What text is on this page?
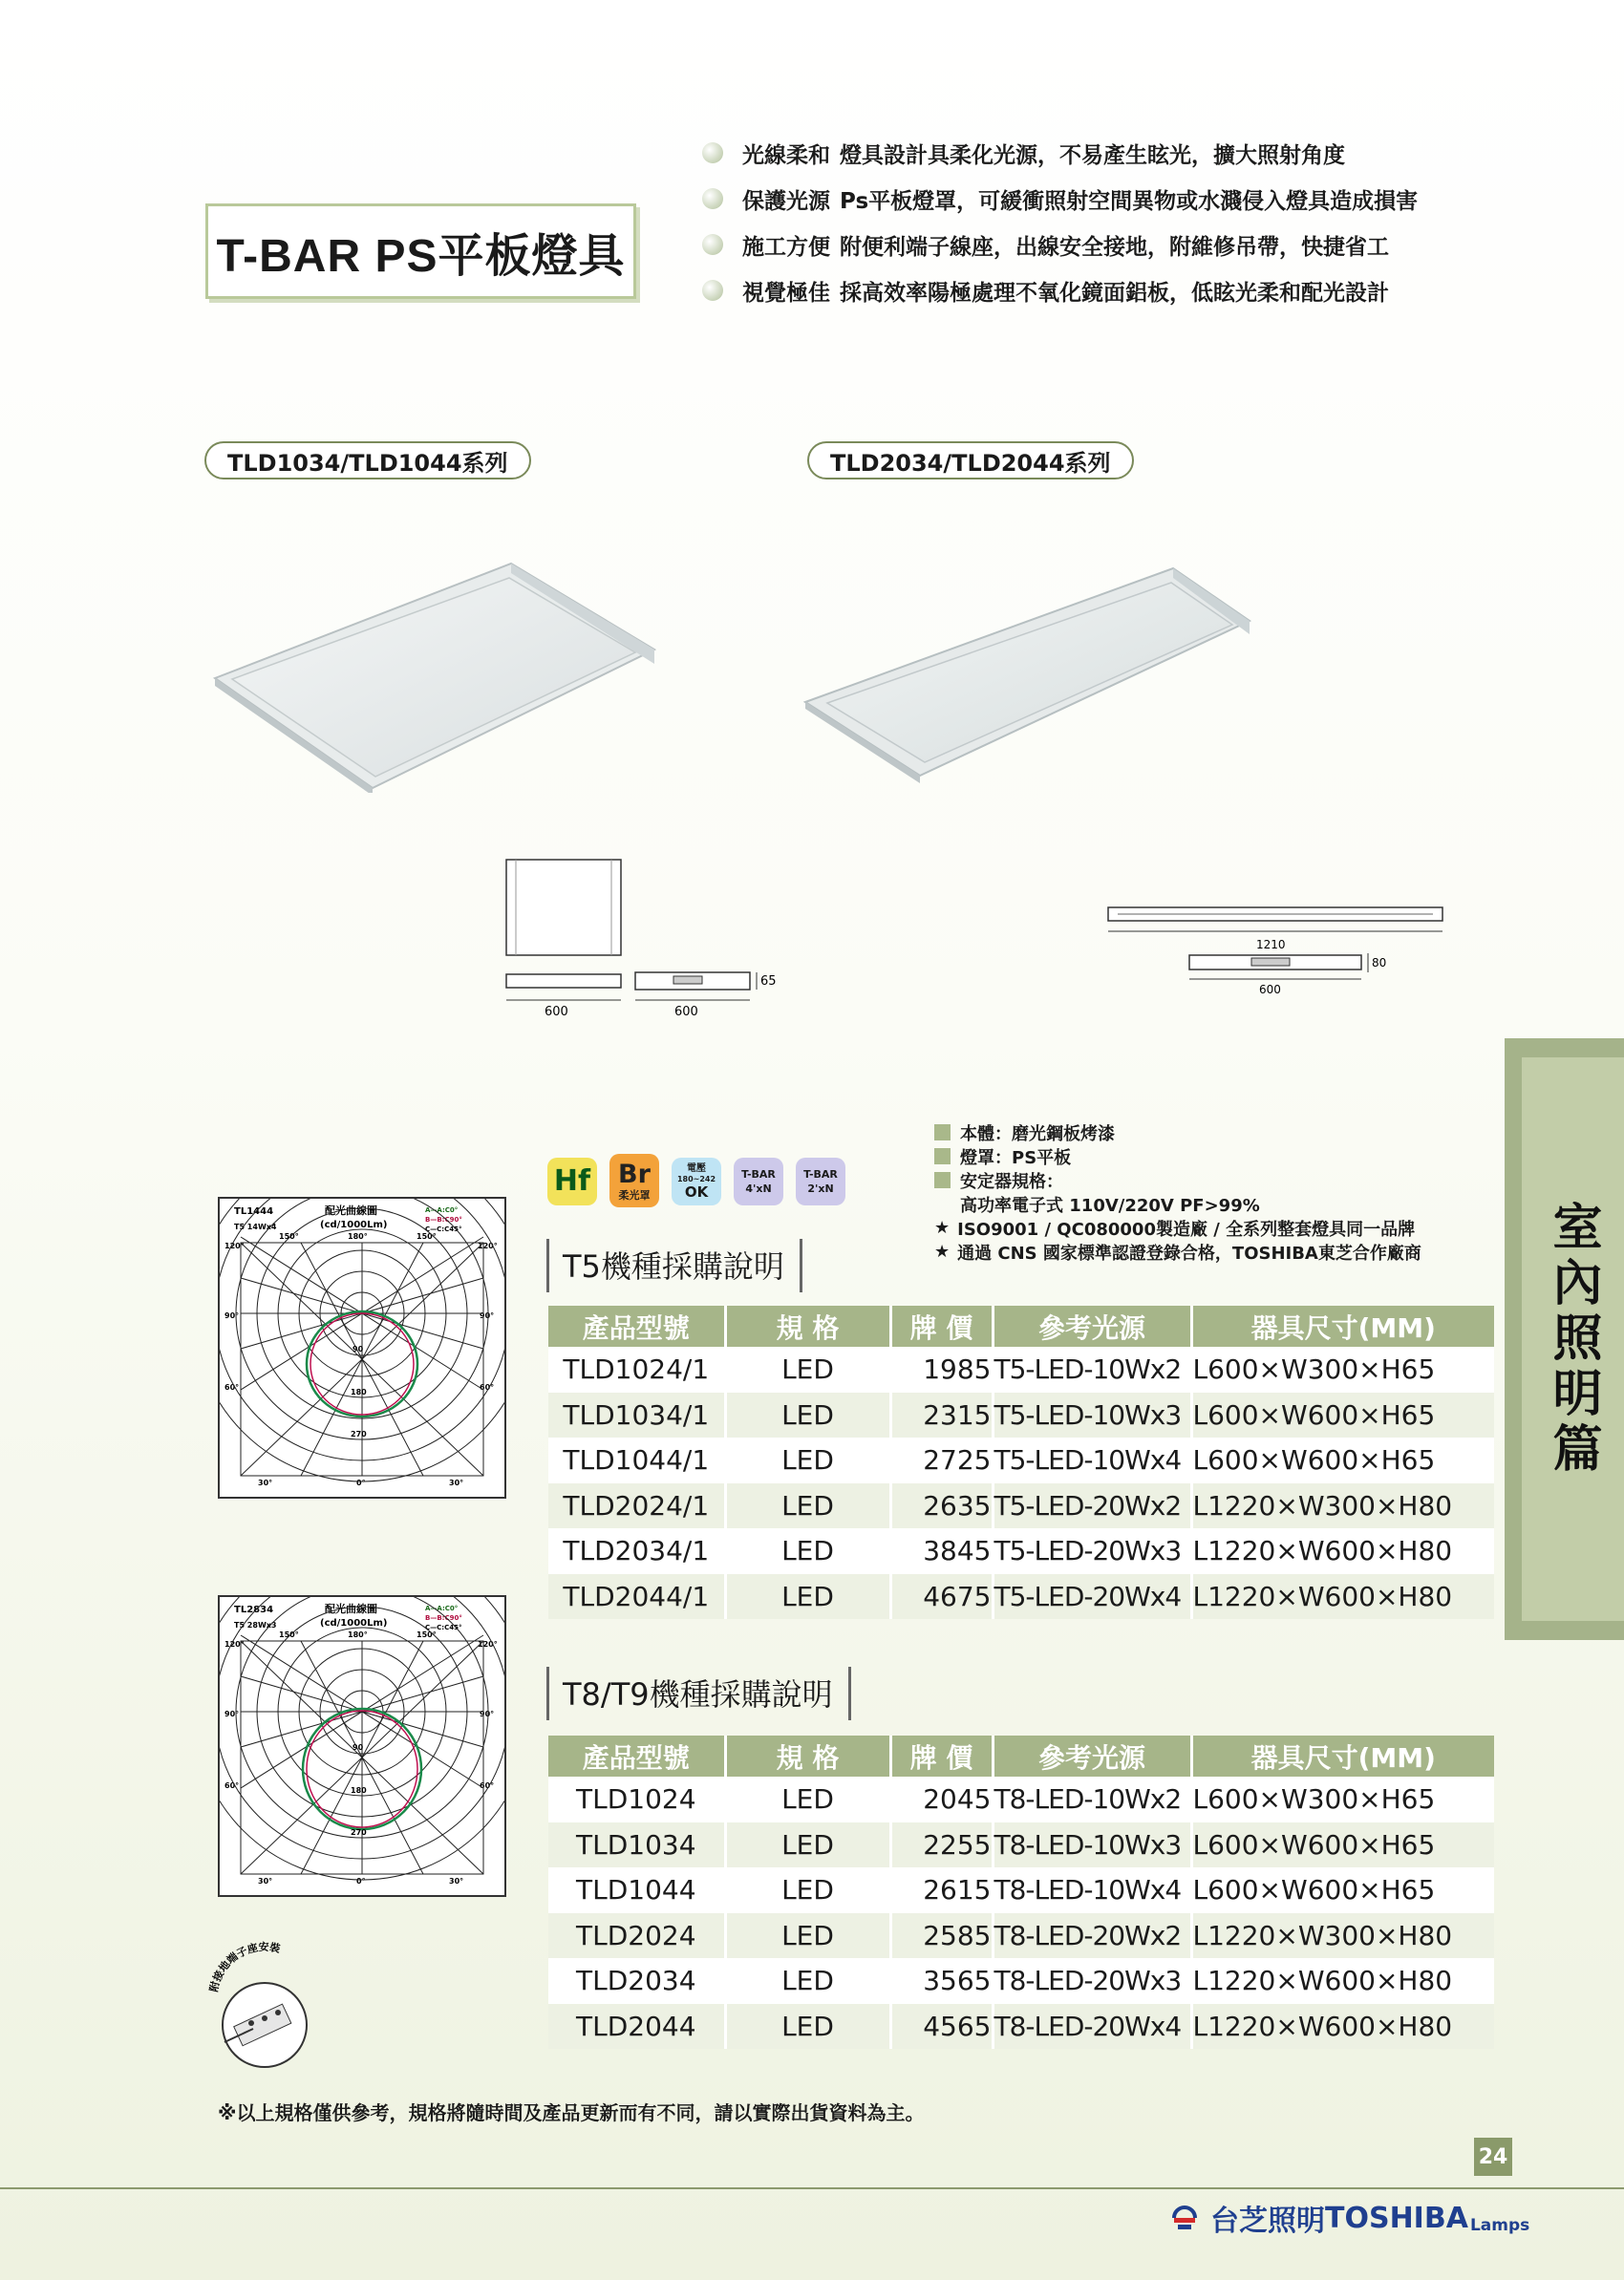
T-BAR PS平板燈具
光線柔和 燈具設計具柔化光源，不易產生眩光，擴大照射角度
保護光源 Ps平板燈罩，可緩衝照射空間異物或水濺侵入燈具造成損害
施工方便 附便利端子線座，出線安全接地，附維修吊帶，快捷省工
視覺極佳 採高效率陽極處理不氧化鏡面鋁板，低眩光柔和配光設計
TLD1034/TLD1044系列	TLD2034/TLD2044系列
600	600
65
1210
80
600
室內照明篇
Hf Br
柔光罩
電壓
180~242
OK
T-BAR
4'xN
T-BAR
2'xN
本體：磨光鋼板烤漆
燈罩：PS平板
安定器規格：
高功率電子式 110V/220V PF>99%
★ ISO9001 / QC080000製造廠 / 全系列整套燈具同一品牌
★ 通過 CNS 國家標準認證登錄合格，TOSHIBA東芝合作廠商
TL1444
T5 14Wx4
配光曲線圖
(cd/1000Lm)
A—A:C0°
B—B:C90°
C—C:C45°
150°	180°	150°
120°	120°
90°	90°
60°	60°
30°	0°	30°
90
180
270
TL2834
T5 28Wx3
配光曲線圖
(cd/1000Lm)
A—A:C0°
B—B:C90°
C—C:C45°
150°	180°	150°
120°	120°
90°	90°
60°	60°
30°	0°	30°
90
180
270
附接地端子座安裝
T5機種採購說明
產品型號	規 格	牌 價	參考光源	器具尺寸(MM)
TLD1024/1	LED	1985	T5-LED-10Wx2	L600×W300×H65
TLD1034/1	LED	2315	T5-LED-10Wx3	L600×W600×H65
TLD1044/1	LED	2725	T5-LED-10Wx4	L600×W600×H65
TLD2024/1	LED	2635	T5-LED-20Wx2	L1220×W300×H80
TLD2034/1	LED	3845	T5-LED-20Wx3	L1220×W600×H80
TLD2044/1	LED	4675	T5-LED-20Wx4	L1220×W600×H80
T8/T9機種採購說明
產品型號	規 格	牌 價	參考光源	器具尺寸(MM)
TLD1024	LED	2045	T8-LED-10Wx2	L600×W300×H65
TLD1034	LED	2255	T8-LED-10Wx3	L600×W600×H65
TLD1044	LED	2615	T8-LED-10Wx4	L600×W600×H65
TLD2024	LED	2585	T8-LED-20Wx2	L1220×W300×H80
TLD2034	LED	3565	T8-LED-20Wx3	L1220×W600×H80
TLD2044	LED	4565	T8-LED-20Wx4	L1220×W600×H80
※以上規格僅供參考，規格將隨時間及產品更新而有不同，請以實際出貨資料為主。
24
台芝照明 TOSHIBA Lamps
